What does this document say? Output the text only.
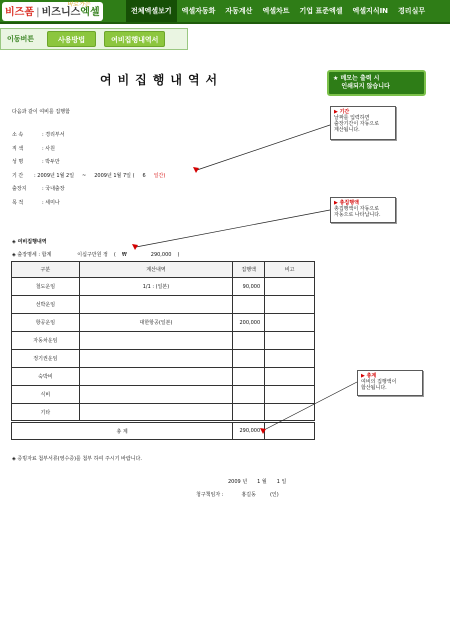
비즈폼 | 비즈니스엑셀
바로가는
전체엑셀보기	엑셀자동화	자동계산	엑셀차트	기업 표준엑셀	엑셀지식IN	경리실무
이동버튼	사용방법	여비집행내역서
여비집행내역서	★ 메모는 출력 시
인쇄되지 않습니다
다음과 같이 여비를 집행함
소 속	: 경리부서
직 색	: 사원
성 명	: 박두만
기 간 : 2009년 1월 2일 ~ 2009년 1월 7일 ( 6 일간)
출장지	: 국내출장
목 적	: 세미나
◈ 여비집행내역
◈ 출장명세 : 합계	이십구만원 정 ( ₩	290,000 )
구분	계산내역	집행액	비고
철도운임	1/1 : (일본)	90,000	
선박운임			
항공운임	대한항공(일본)	200,000	
자동차운임			
정기권운임			
숙박비			
식비			
기타			
총 계		290,000	
◈ 증빙자료 첨부서류(영수증)를 첨부 하여 주시기 바랍니다.
2009 년 1 월 1 일
청구책임자 :	홍길동	(인)
▶ 기간
날짜를 입력하면
출장기간이 자동으로
계산됩니다.
▶ 총집행액
총집행액이 자동으로
자동으로 나타납니다.
▶ 총계
여비의 집행액이
합산됩니다.
